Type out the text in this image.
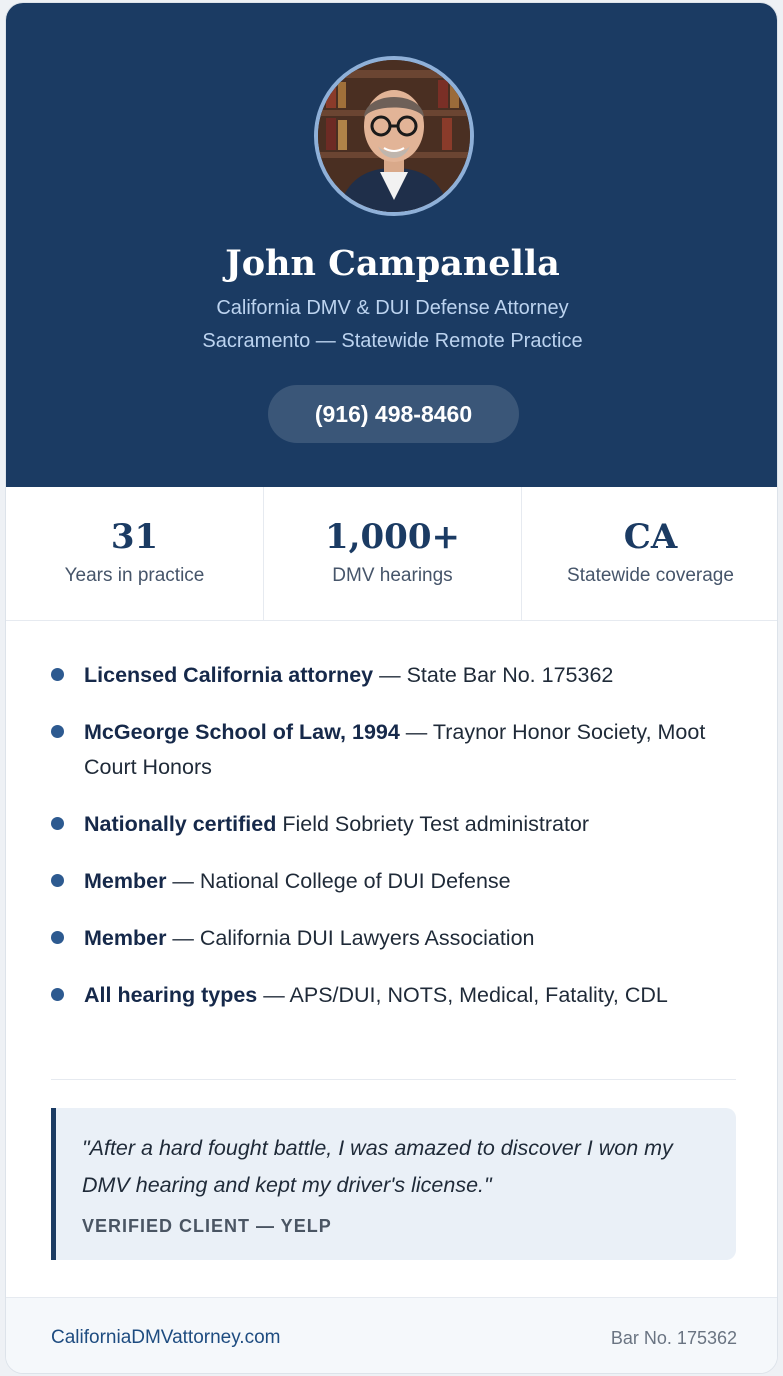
John Campanella
California DMV & DUI Defense Attorney
Sacramento — Statewide Remote Practice
(916) 498-8460
31
Years in practice
1,000+
DMV hearings
CA
Statewide coverage
Licensed California attorney — State Bar No. 175362
McGeorge School of Law, 1994 — Traynor Honor Society, Moot Court Honors
Nationally certified Field Sobriety Test administrator
Member — National College of DUI Defense
Member — California DUI Lawyers Association
All hearing types — APS/DUI, NOTS, Medical, Fatality, CDL
"After a hard fought battle, I was amazed to discover I won my DMV hearing and kept my driver's license."
VERIFIED CLIENT — YELP
CaliforniaDMVattorney.com	Bar No. 175362
